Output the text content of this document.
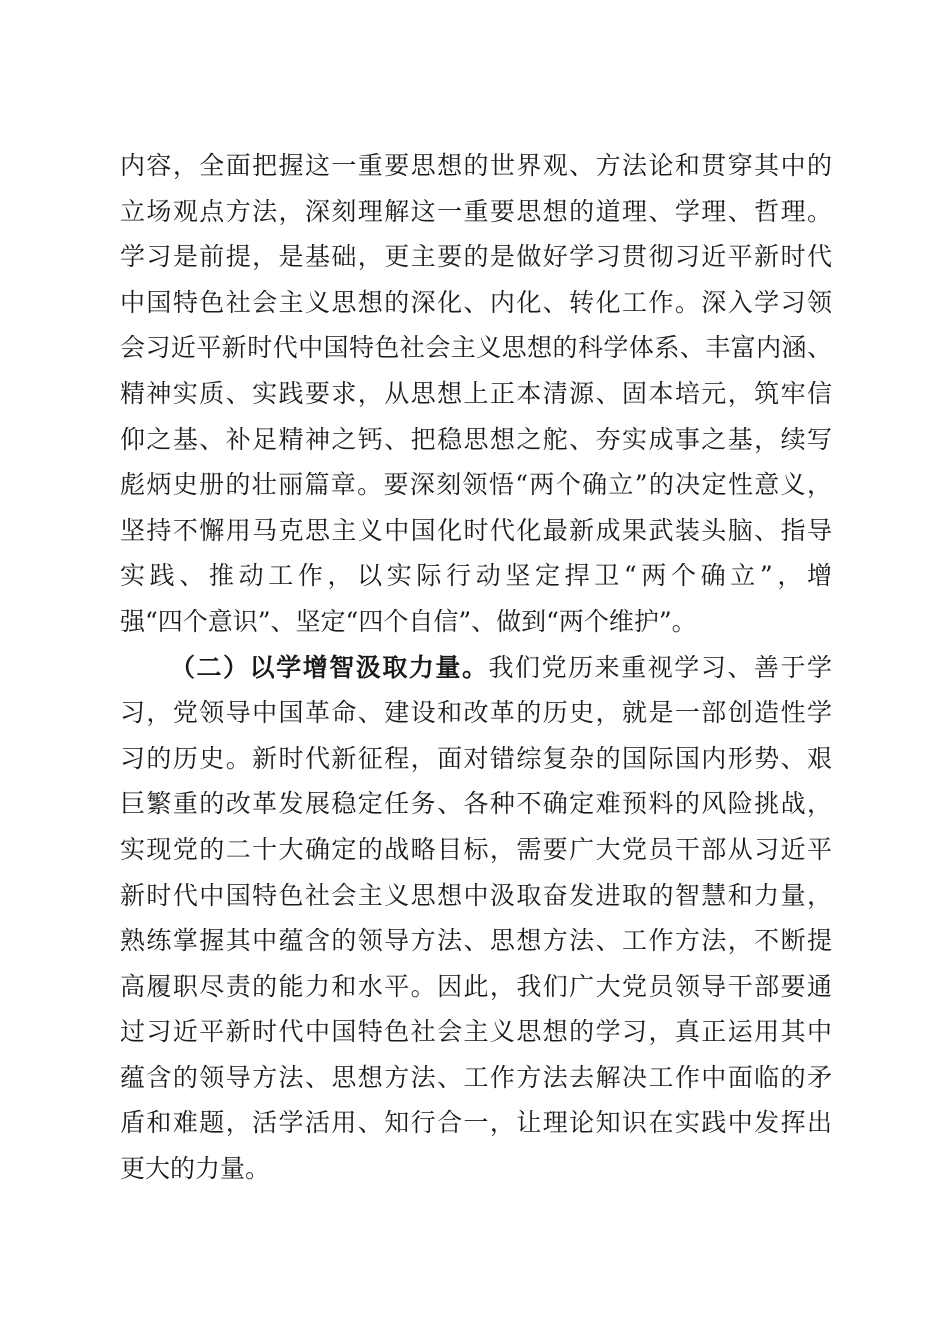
内容，全面把握这一重要思想的世界观、方法论和贯穿其中的
立场观点方法，深刻理解这一重要思想的道理、学理、哲理。
学习是前提，是基础，更主要的是做好学习贯彻习近平新时代
中国特色社会主义思想的深化、内化、转化工作。深入学习领
会习近平新时代中国特色社会主义思想的科学体系、丰富内涵、
精神实质、实践要求，从思想上正本清源、固本培元，筑牢信
仰之基、补足精神之钙、把稳思想之舵、夯实成事之基，续写
彪炳史册的壮丽篇章。要深刻领悟“两个确立”的决定性意义，
坚持不懈用马克思主义中国化时代化最新成果武装头脑、指导
实践、推动工作，以实际行动坚定捍卫“两个确立”，增
强“四个意识”、坚定“四个自信”、做到“两个维护”。
（二）以学增智汲取力量。我们党历来重视学习、善于学
习，党领导中国革命、建设和改革的历史，就是一部创造性学
习的历史。新时代新征程，面对错综复杂的国际国内形势、艰
巨繁重的改革发展稳定任务、各种不确定难预料的风险挑战，
实现党的二十大确定的战略目标，需要广大党员干部从习近平
新时代中国特色社会主义思想中汲取奋发进取的智慧和力量，
熟练掌握其中蕴含的领导方法、思想方法、工作方法，不断提
高履职尽责的能力和水平。因此，我们广大党员领导干部要通
过习近平新时代中国特色社会主义思想的学习，真正运用其中
蕴含的领导方法、思想方法、工作方法去解决工作中面临的矛
盾和难题，活学活用、知行合一，让理论知识在实践中发挥出
更大的力量。
